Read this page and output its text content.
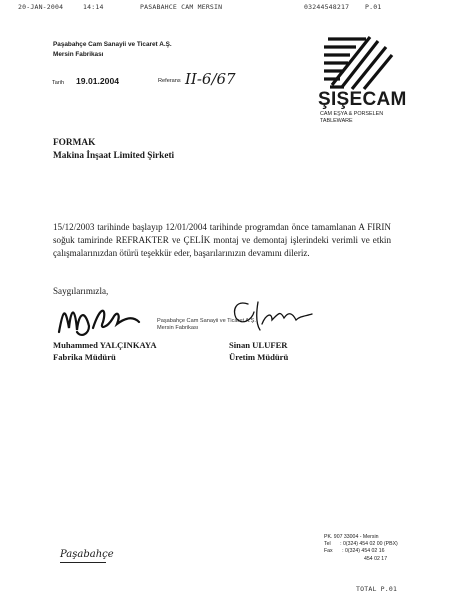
20-JAN-2004	14:14	PASABAHCE CAM MERSIN	03244548217 P.01
Paşabahçe Cam Sanayii ve Ticaret A.Ş.
Mersin Fabrikası
ŞIŞECAM
CAM EŞYA & PORSELEN
TABLEWARE
Tarih 19.01.2004	Referans II-6/67
FORMAK
Makina İnşaat Limited Şirketi
15/12/2003 tarihinde başlayıp 12/01/2004 tarihinde programdan önce tamamlanan A FIRIN soğuk tamirinde REFRAKTER ve ÇELİK montaj ve demontaj işlerindeki verimli ve etkin çalışmalarınızdan ötürü teşekkür eder, başarılarınızın devamını dileriz.
Saygılarımızla,
Paşabahçe Cam Sanayii ve Ticaret A.Ş.
Mersin Fabrikası
Muhammed YALÇINKAYA
Fabrika Müdürü
Sinan ULUFER
Üretim Müdürü
PK. 907 33004 - Mersin
Tel : 0(324) 454 02 00 (PBX)
Fax : 0(324) 454 02 16
454 02 17
Paşabahçe
TOTAL P.01
